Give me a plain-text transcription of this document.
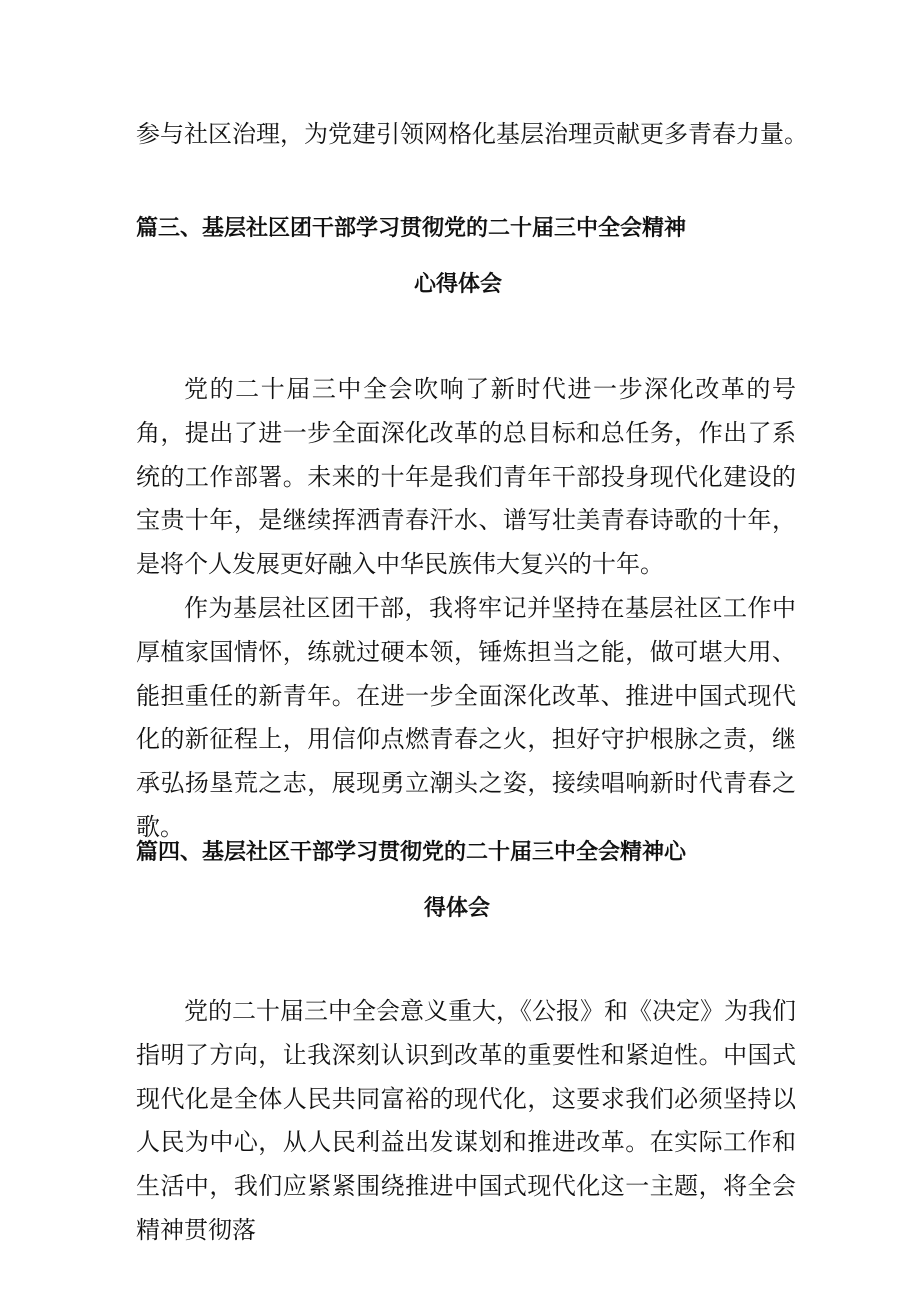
参与社区治理，为党建引领网格化基层治理贡献更多青春力量。

篇三、基层社区团干部学习贯彻党的二十届三中全会精神
心得体会

党的二十届三中全会吹响了新时代进一步深化改革的号角，提出了进一步全面深化改革的总目标和总任务，作出了系统的工作部署。未来的十年是我们青年干部投身现代化建设的宝贵十年，是继续挥洒青春汗水、谱写壮美青春诗歌的十年，是将个人发展更好融入中华民族伟大复兴的十年。

作为基层社区团干部，我将牢记并坚持在基层社区工作中厚植家国情怀，练就过硬本领，锤炼担当之能，做可堪大用、能担重任的新青年。在进一步全面深化改革、推进中国式现代化的新征程上，用信仰点燃青春之火，担好守护根脉之责，继承弘扬垦荒之志，展现勇立潮头之姿，接续唱响新时代青春之歌。

篇四、基层社区干部学习贯彻党的二十届三中全会精神心
得体会

党的二十届三中全会意义重大，《公报》和《决定》为我们指明了方向，让我深刻认识到改革的重要性和紧迫性。中国式现代化是全体人民共同富裕的现代化，这要求我们必须坚持以人民为中心，从人民利益出发谋划和推进改革。在实际工作和生活中，我们应紧紧围绕推进中国式现代化这一主题，将全会精神贯彻落
